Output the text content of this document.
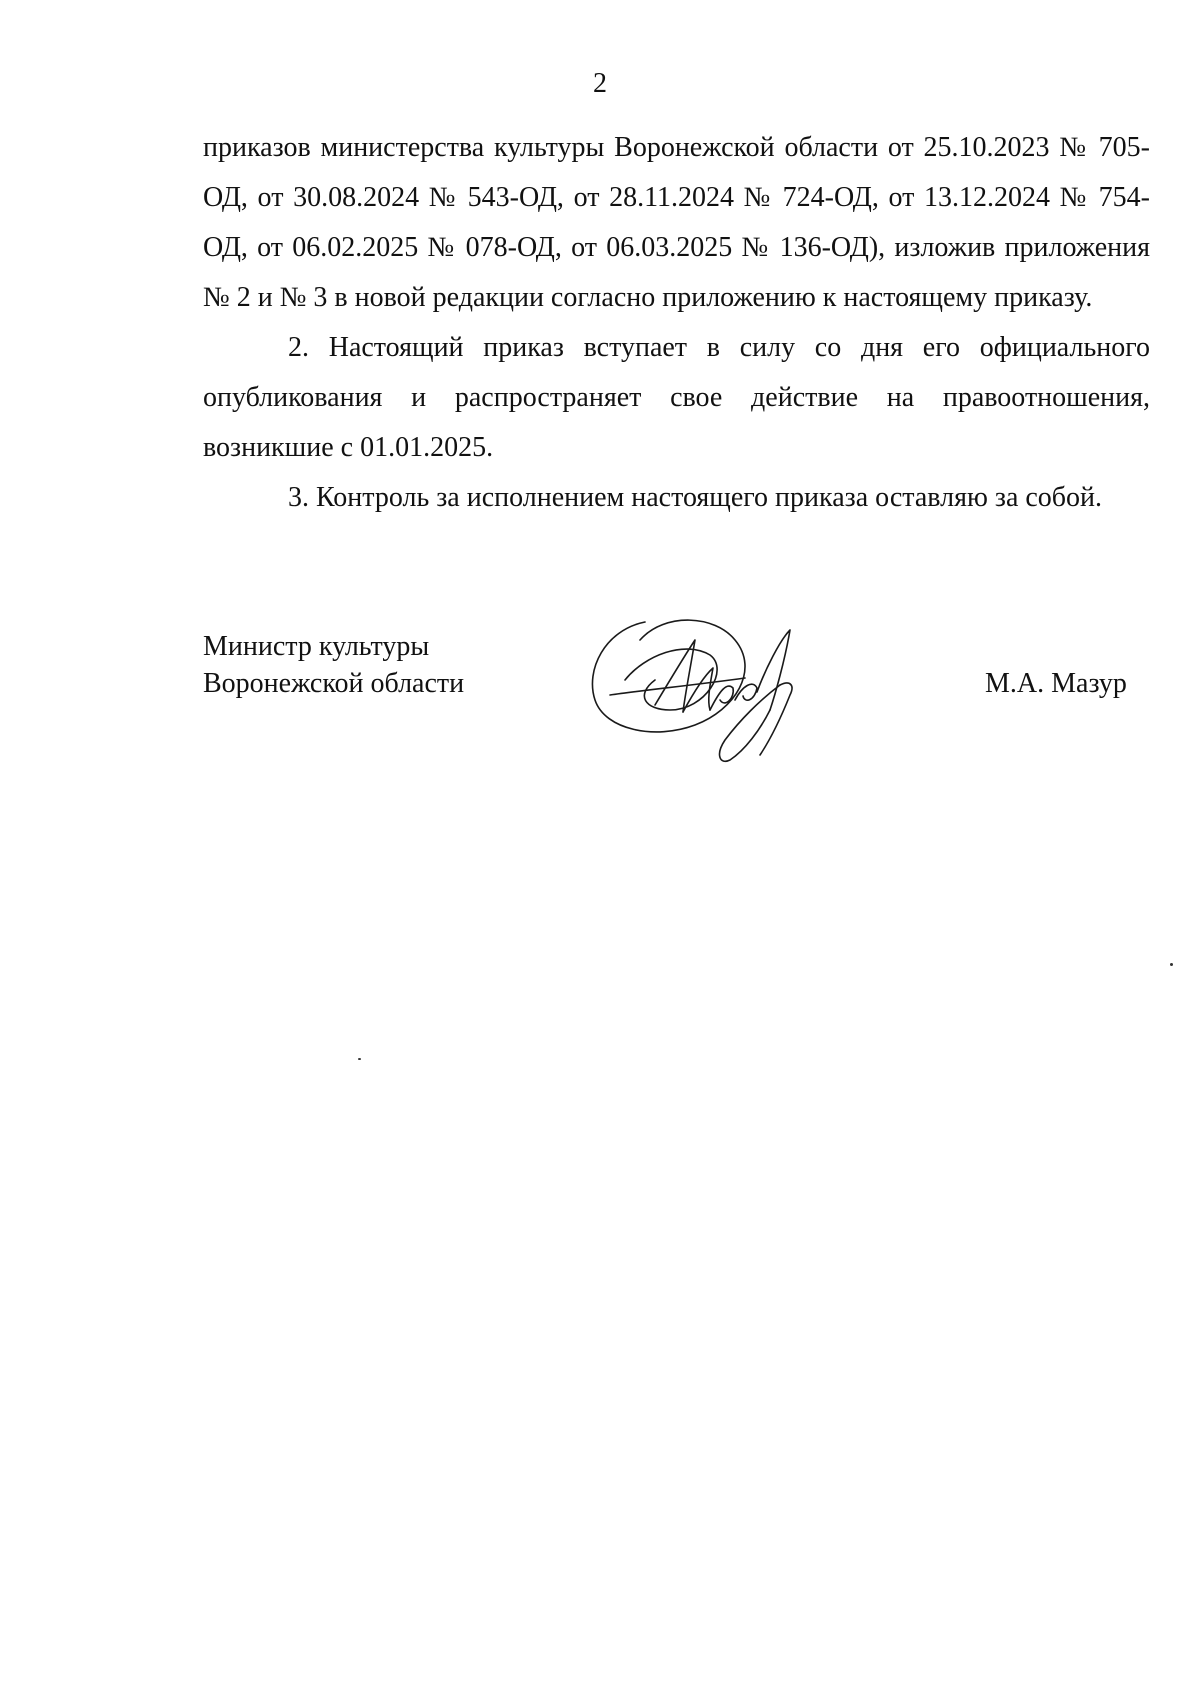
2

приказов министерства культуры Воронежской области от 25.10.2023 № 705-
ОД, от 30.08.2024 № 543-ОД, от 28.11.2024 № 724-ОД, от 13.12.2024 № 754-
ОД, от 06.02.2025 № 078-ОД, от 06.03.2025 № 136-ОД), изложив приложения
№ 2 и № 3 в новой редакции согласно приложению к настоящему приказу.

2. Настоящий приказ вступает в силу со дня его официального
опубликования и распространяет свое действие на правоотношения,
возникшие с 01.01.2025.

3. Контроль за исполнением настоящего приказа оставляю за собой.

Министр культуры
Воронежской области	М.А. Мазур
